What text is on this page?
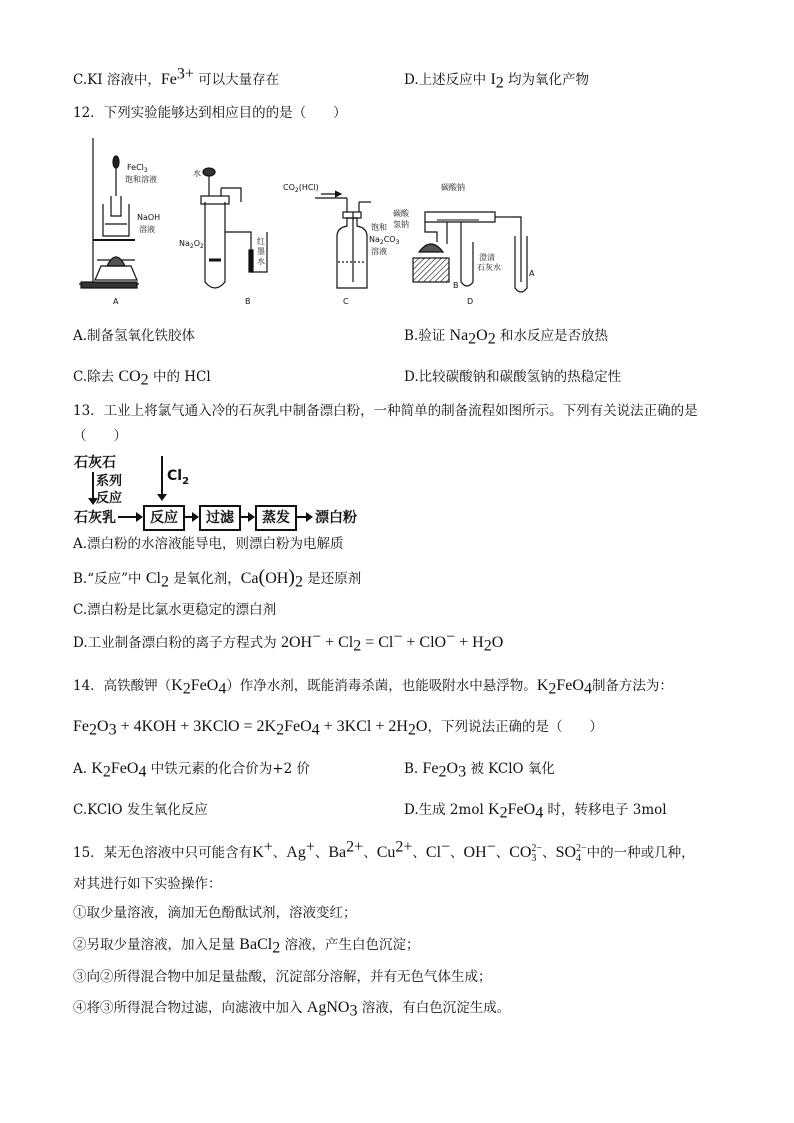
C.KI 溶液中，$Fe^{3+}$ 可以大量存在	D.上述反应中 $I_2$ 均为氧化产物
12．下列实验能够达到相应目的的是（　　）
FeCl$_3$
饱和溶液
NaOH
溶液
A
水
$Na_2O_2$
红
墨
水
B
$CO_2(HCl)$
饱和
$Na_2CO_3$
溶液
C
碳酸钠
碳酸
氢钠
澄清
石灰水
A
B
D
A.制备氢氧化铁胶体	B.验证 $Na_2O_2$ 和水反应是否放热
C.除去 $CO_2$ 中的 HCl	D.比较碳酸钠和碳酸氢钠的热稳定性
13．工业上将氯气通入冷的石灰乳中制备漂白粉，一种简单的制备流程如图所示。下列有关说法正确的是
（　　）
石灰石
系列
反应
石灰乳
$Cl_2$
反应	过滤	蒸发	漂白粉
A.漂白粉的水溶液能导电，则漂白粉为电解质
B.“反应”中 $Cl_2$ 是氧化剂，$Ca(OH)_2$ 是还原剂
C.漂白粉是比氯水更稳定的漂白剂
D.工业制备漂白粉的离子方程式为 $2OH^- + Cl_2 = Cl^- + ClO^- + H_2O$
14．高铁酸钾$(K_2FeO_4)$作净水剂，既能消毒杀菌，也能吸附水中悬浮物。$K_2FeO_4$制备方法为：
$Fe_2O_3 + 4KOH$ + 3KClO = $2K_2FeO_4 + 3KCl + 2H_2O$，下列说法正确的是（　　）
A. $K_2FeO_4$ 中铁元素的化合价为+2 价	B. $Fe_2O_3$ 被 KClO 氧化
C.KClO 发生氧化反应	D.生成 2mol $K_2FeO_4$ 时，转移电子 3mol
15．某无色溶液中只可能含有K+、Ag+、$Ba^{2+}$、$Cu^{2+}$、Cl−、OH−、CO 2−
3 、SO 2−
4 中的一种或几种，
对其进行如下实验操作：
①取少量溶液，滴加无色酚酞试剂，溶液变红；
②另取少量溶液，加入足量 BaCl$_2$ 溶液，产生白色沉淀；
③向②所得混合物中加足量盐酸，沉淀部分溶解，并有无色气体生成；
④将③所得混合物过滤，向滤液中加入 AgNO$_3$ 溶液，有白色沉淀生成。
